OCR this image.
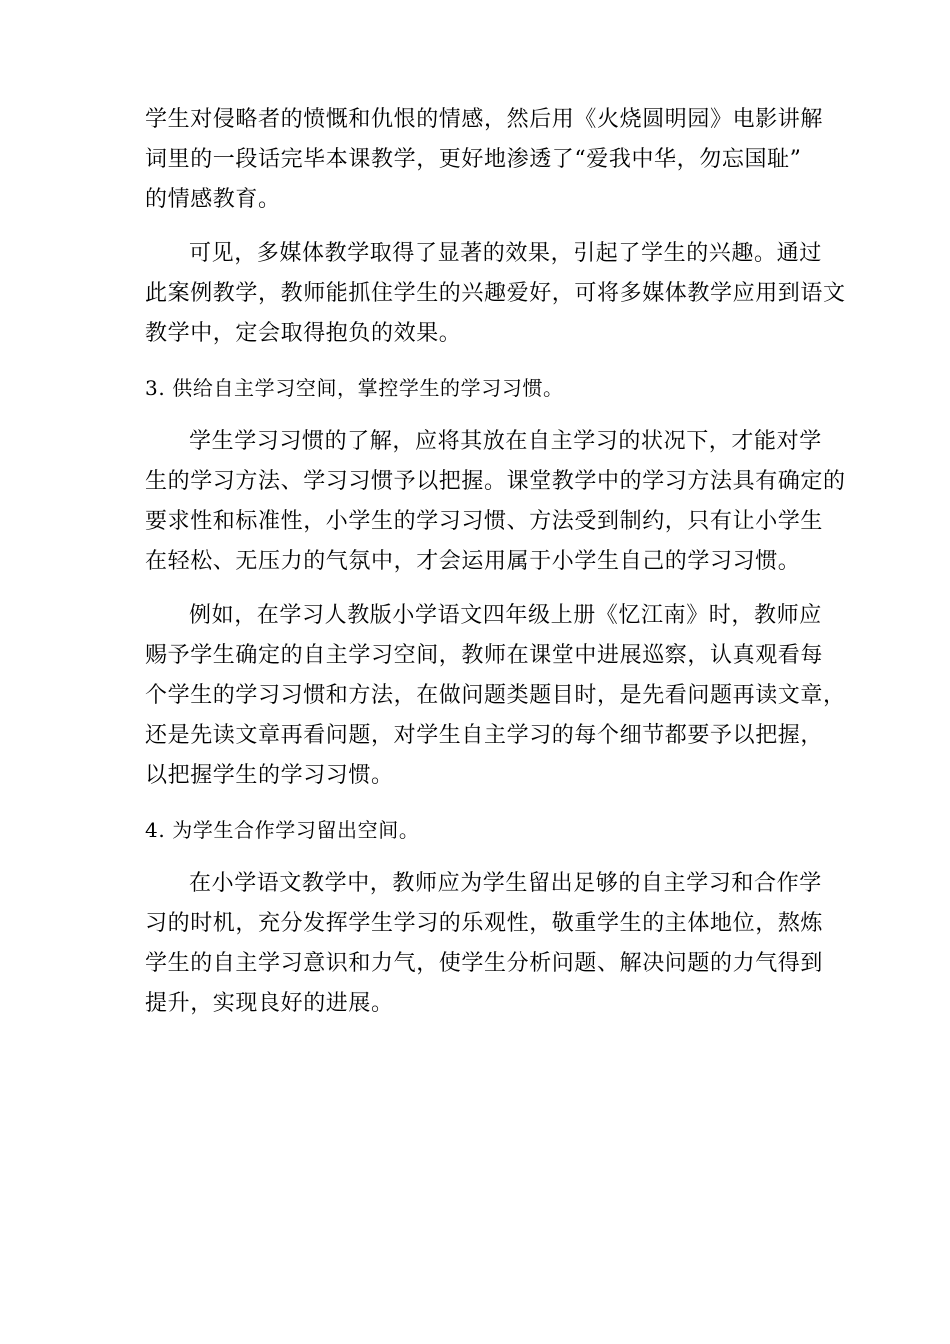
学生对侵略者的愤慨和仇恨的情感，然后用《火烧圆明园》电影讲解
词里的一段话完毕本课教学，更好地渗透了“爱我中华，勿忘国耻”
的情感教育。
可见，多媒体教学取得了显著的效果，引起了学生的兴趣。通过
此案例教学，教师能抓住学生的兴趣爱好，可将多媒体教学应用到语文
教学中，定会取得抱负的效果。
3. 供给自主学习空间，掌控学生的学习习惯。
学生学习习惯的了解，应将其放在自主学习的状况下，才能对学
生的学习方法、学习习惯予以把握。课堂教学中的学习方法具有确定的
要求性和标准性，小学生的学习习惯、方法受到制约，只有让小学生
在轻松、无压力的气氛中，才会运用属于小学生自己的学习习惯。
例如，在学习人教版小学语文四年级上册《忆江南》时，教师应
赐予学生确定的自主学习空间，教师在课堂中进展巡察，认真观看每
个学生的学习习惯和方法，在做问题类题目时，是先看问题再读文章，
还是先读文章再看问题，对学生自主学习的每个细节都要予以把握，
以把握学生的学习习惯。
4. 为学生合作学习留出空间。
在小学语文教学中，教师应为学生留出足够的自主学习和合作学
习的时机，充分发挥学生学习的乐观性，敬重学生的主体地位，熬炼
学生的自主学习意识和力气，使学生分析问题、解决问题的力气得到
提升，实现良好的进展。
